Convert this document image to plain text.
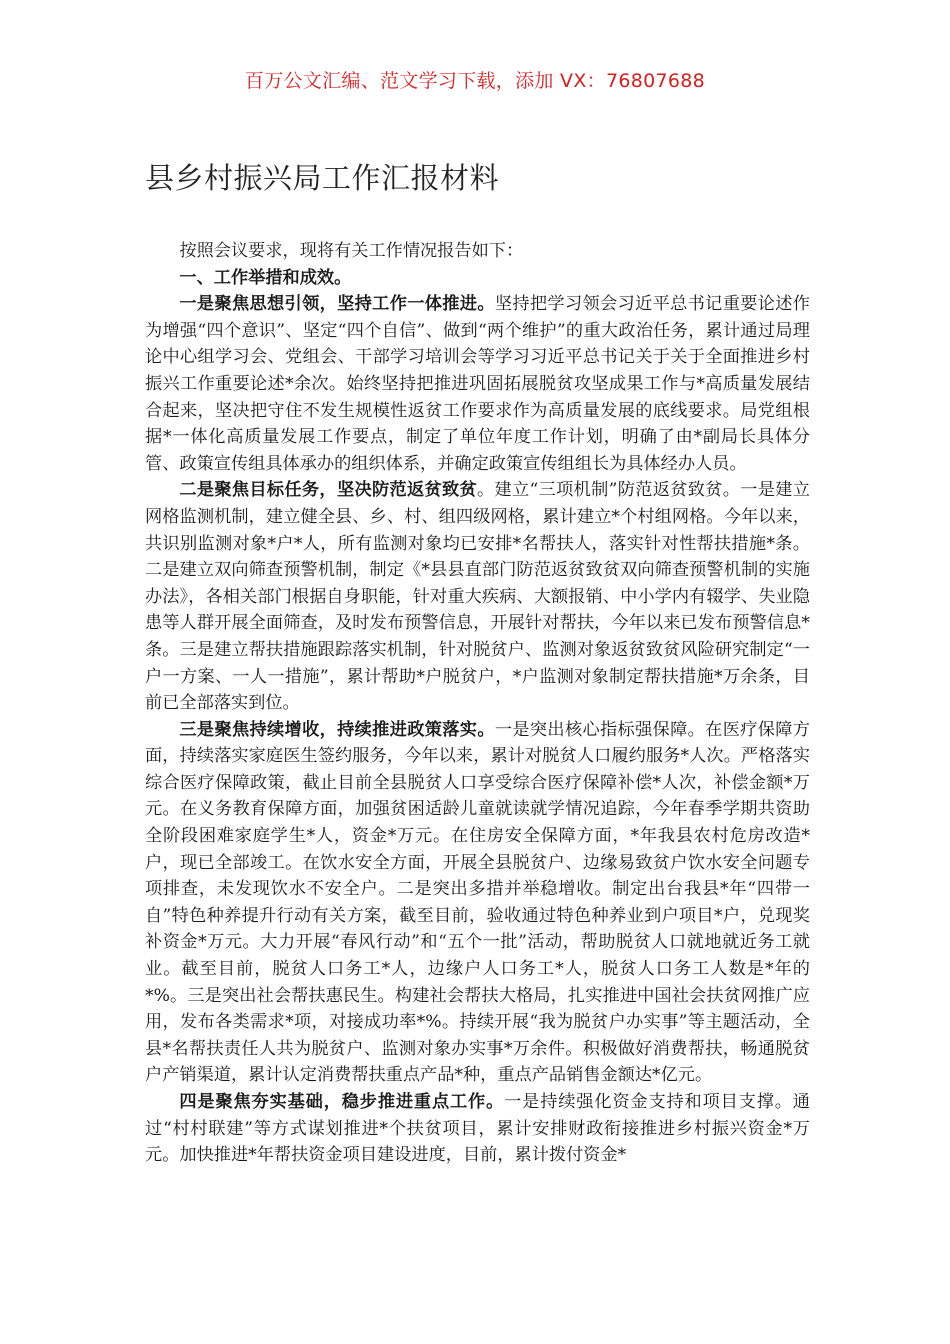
百万公文汇编、范文学习下载，添加 VX：76807688
县乡村振兴局工作汇报材料

按照会议要求，现将有关工作情况报告如下：

一、工作举措和成效。

一是聚焦思想引领，坚持工作一体推进。坚持把学习领会习近平总书记重要论述作为增强“四个意识”、坚定“四个自信”、做到“两个维护”的重大政治任务，累计通过局理论中心组学习会、党组会、干部学习培训会等学习习近平总书记关于关于全面推进乡村振兴工作重要论述*余次。始终坚持把推进巩固拓展脱贫攻坚成果工作与*高质量发展结合起来，坚决把守住不发生规模性返贫工作要求作为高质量发展的底线要求。局党组根据*一体化高质量发展工作要点，制定了单位年度工作计划，明确了由*副局长具体分管、政策宣传组具体承办的组织体系，并确定政策宣传组组长为具体经办人员。

二是聚焦目标任务，坚决防范返贫致贫。建立“三项机制”防范返贫致贫。一是建立网格监测机制，建立健全县、乡、村、组四级网格，累计建立*个村组网格。今年以来，共识别监测对象*户*人，所有监测对象均已安排*名帮扶人，落实针对性帮扶措施*条。二是建立双向筛查预警机制，制定《*县县直部门防范返贫致贫双向筛查预警机制的实施办法》，各相关部门根据自身职能，针对重大疾病、大额报销、中小学内有辍学、失业隐患等人群开展全面筛查，及时发布预警信息，开展针对帮扶，今年以来已发布预警信息*条。三是建立帮扶措施跟踪落实机制，针对脱贫户、监测对象返贫致贫风险研究制定“一户一方案、一人一措施”，累计帮助*户脱贫户，*户监测对象制定帮扶措施*万余条，目前已全部落实到位。

三是聚焦持续增收，持续推进政策落实。一是突出核心指标强保障。在医疗保障方面，持续落实家庭医生签约服务，今年以来，累计对脱贫人口履约服务*人次。严格落实综合医疗保障政策，截止目前全县脱贫人口享受综合医疗保障补偿*人次，补偿金额*万元。在义务教育保障方面，加强贫困适龄儿童就读就学情况追踪，今年春季学期共资助全阶段困难家庭学生*人，资金*万元。在住房安全保障方面，*年我县农村危房改造*户，现已全部竣工。在饮水安全方面，开展全县脱贫户、边缘易致贫户饮水安全问题专项排查，未发现饮水不安全户。二是突出多措并举稳增收。制定出台我县*年“四带一自”特色种养提升行动有关方案，截至目前，验收通过特色种养业到户项目*户，兑现奖补资金*万元。大力开展“春风行动”和“五个一批”活动，帮助脱贫人口就地就近务工就业。截至目前，脱贫人口务工*人，边缘户人口务工*人，脱贫人口务工人数是*年的*%。三是突出社会帮扶惠民生。构建社会帮扶大格局，扎实推进中国社会扶贫网推广应用，发布各类需求*项，对接成功率*%。持续开展“我为脱贫户办实事”等主题活动，全县*名帮扶责任人共为脱贫户、监测对象办实事*万余件。积极做好消费帮扶，畅通脱贫户产销渠道，累计认定消费帮扶重点产品*种，重点产品销售金额达*亿元。

四是聚焦夯实基础，稳步推进重点工作。一是持续强化资金支持和项目支撑。通过“村村联建”等方式谋划推进*个扶贫项目，累计安排财政衔接推进乡村振兴资金*万元。加快推进*年帮扶资金项目建设进度，目前，累计拨付资金*
